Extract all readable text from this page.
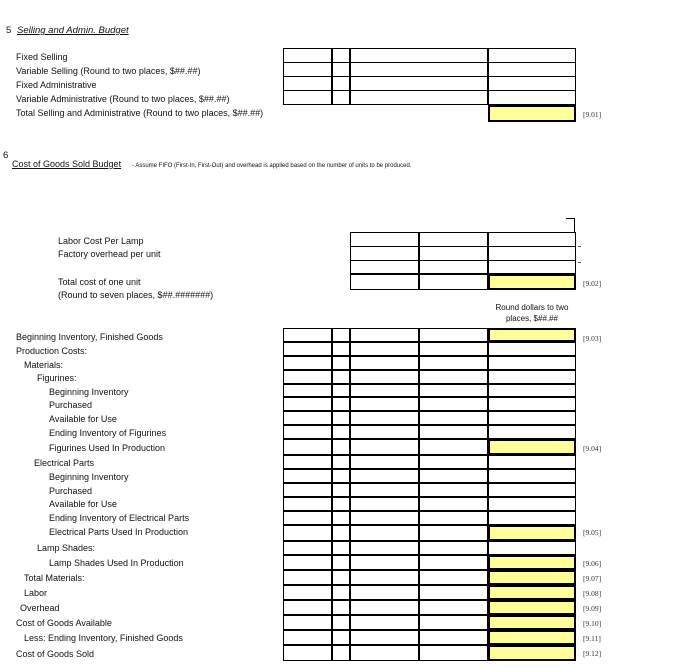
5 Selling and Admin. Budget
Fixed Selling
Variable Selling (Round to two places, $##.##)
Fixed Administrative
Variable Administrative (Round to two places, $##.##)
Total Selling and Administrative (Round to two places, $##.##)	[9.01]
6
Cost of Goods Sold Budget - Assume FIFO (First-In, First-Out) and overhead is applied based on the number of units to be produced.
Labor Cost Per Lamp
Factory overhead per unit
Total cost of one unit
(Round to seven places, $##.#######)
[9.02]
Round dollars to two
places, $##.##
Beginning Inventory, Finished Goods
Production Costs:
Materials:
Figurines:
Beginning Inventory
Purchased
Available for Use
Ending Inventory of Figurines
Figurines Used In Production
Electrical Parts
Beginning Inventory
Purchased
Available for Use
Ending Inventory of Electrical Parts
Electrical Parts Used In Production
Lamp Shades:
Lamp Shades Used In Production
Total Materials:
Labor
Overhead
Cost of Goods Available
Less: Ending Inventory, Finished Goods
Cost of Goods Sold
[9.03]
[9.04]
[9.05]
[9.06]
[9.07]
[9.08]
[9.09]
[9.10]
[9.11]
[9.12]
